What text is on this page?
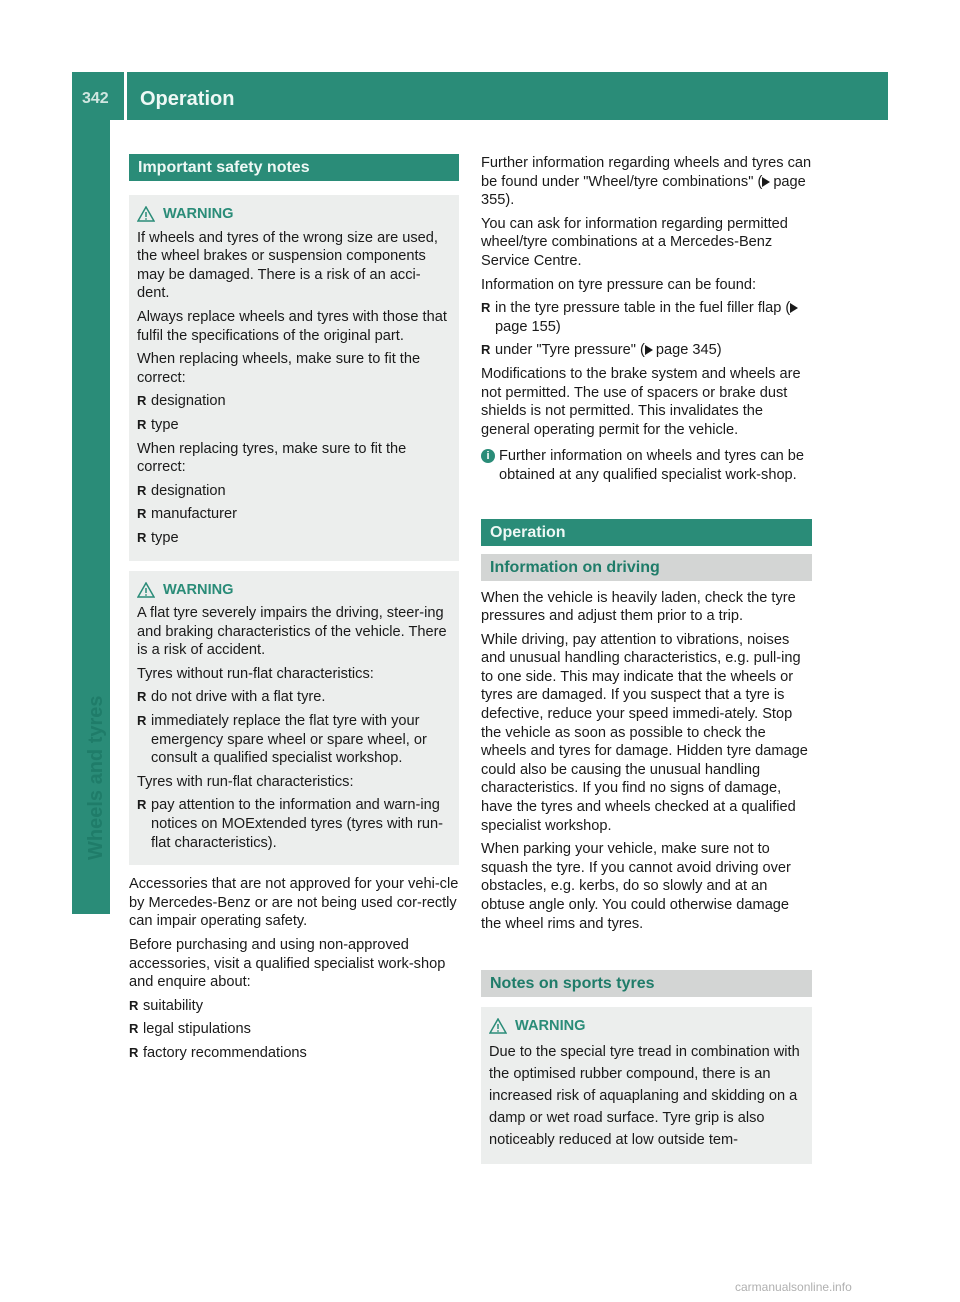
342 Operation
Wheels and tyres
Important safety notes
WARNING

If wheels and tyres of the wrong size are used, the wheel brakes or suspension components may be damaged. There is a risk of an acci-dent.

Always replace wheels and tyres with those that fulfil the specifications of the original part.

When replacing wheels, make sure to fit the correct:

R designation
R type

When replacing tyres, make sure to fit the correct:

R designation
R manufacturer
R type
WARNING

A flat tyre severely impairs the driving, steer-ing and braking characteristics of the vehicle. There is a risk of accident.

Tyres without run-flat characteristics:

R do not drive with a flat tyre.
R immediately replace the flat tyre with your emergency spare wheel or spare wheel, or consult a qualified specialist workshop.

Tyres with run-flat characteristics:

R pay attention to the information and warn-ing notices on MOExtended tyres (tyres with run-flat characteristics).

Accessories that are not approved for your vehi-cle by Mercedes-Benz or are not being used cor-rectly can impair operating safety.

Before purchasing and using non-approved accessories, visit a qualified specialist work-shop and enquire about:

R suitability
R legal stipulations
R factory recommendations

Further information regarding wheels and tyres can be found under "Wheel/tyre combinations" ( page 355).

You can ask for information regarding permitted wheel/tyre combinations at a Mercedes-Benz Service Centre.

Information on tyre pressure can be found:

R in the tyre pressure table in the fuel filler flap (page 155)
R under "Tyre pressure" ( page 345)

Modifications to the brake system and wheels are not permitted. The use of spacers or brake dust shields is not permitted. This invalidates the general operating permit for the vehicle.

i Further information on wheels and tyres can be obtained at any qualified specialist work-shop.
Operation
Information on driving

When the vehicle is heavily laden, check the tyre pressures and adjust them prior to a trip.

While driving, pay attention to vibrations, noises and unusual handling characteristics, e.g. pull-ing to one side. This may indicate that the wheels or tyres are damaged. If you suspect that a tyre is defective, reduce your speed immedi-ately. Stop the vehicle as soon as possible to check the wheels and tyres for damage. Hidden tyre damage could also be causing the unusual handling characteristics. If you find no signs of damage, have the tyres and wheels checked at a qualified specialist workshop.

When parking your vehicle, make sure not to squash the tyre. If you cannot avoid driving over obstacles, e.g. kerbs, do so slowly and at an obtuse angle only. You could otherwise damage the wheel rims and tyres.

Notes on sports tyres
WARNING

Due to the special tyre tread in combination with the optimised rubber compound, there is an increased risk of aquaplaning and skidding on a damp or wet road surface. Tyre grip is also noticeably reduced at low outside tem-

carmanualsonline.info
